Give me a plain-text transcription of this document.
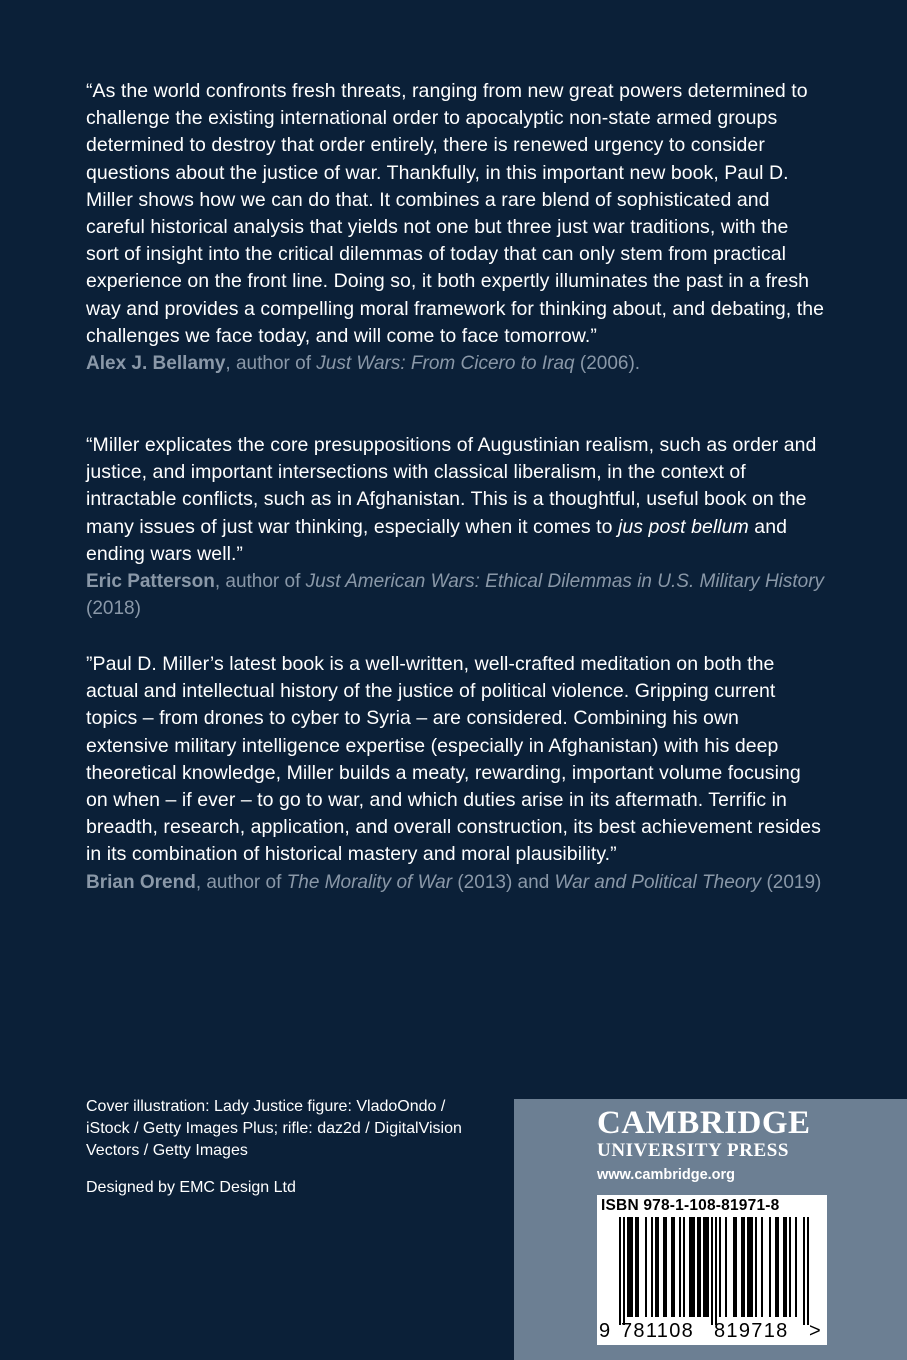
“As the world confronts fresh threats, ranging from new great powers determined to challenge the existing international order to apocalyptic non-state armed groups determined to destroy that order entirely, there is renewed urgency to consider questions about the justice of war. Thankfully, in this important new book, Paul D. Miller shows how we can do that. It combines a rare blend of sophisticated and careful historical analysis that yields not one but three just war traditions, with the sort of insight into the critical dilemmas of today that can only stem from practical experience on the front line. Doing so, it both expertly illuminates the past in a fresh way and provides a compelling moral framework for thinking about, and debating, the challenges we face today, and will come to face tomorrow.”

Alex J. Bellamy, author of Just Wars: From Cicero to Iraq (2006).

“Miller explicates the core presuppositions of Augustinian realism, such as order and justice, and important intersections with classical liberalism, in the context of intractable conflicts, such as in Afghanistan. This is a thoughtful, useful book on the many issues of just war thinking, especially when it comes to jus post bellum and ending wars well.”

Eric Patterson, author of Just American Wars: Ethical Dilemmas in U.S. Military History (2018)

”Paul D. Miller’s latest book is a well-written, well-crafted meditation on both the actual and intellectual history of the justice of political violence. Gripping current topics – from drones to cyber to Syria – are considered. Combining his own extensive military intelligence expertise (especially in Afghanistan) with his deep theoretical knowledge, Miller builds a meaty, rewarding, important volume focusing on when – if ever – to go to war, and which duties arise in its aftermath. Terrific in breadth, research, application, and overall construction, its best achievement resides in its combination of historical mastery and moral plausibility.”

Brian Orend, author of The Morality of War (2013) and War and Political Theory (2019)

Cover illustration: Lady Justice figure: VladoOndo / iStock / Getty Images Plus; rifle: daz2d / DigitalVision Vectors / Getty Images
Designed by EMC Design Ltd
CAMBRIDGE
UNIVERSITY PRESS
www.cambridge.org
ISBN 978-1-108-81971-8
9 781108 819718 >
